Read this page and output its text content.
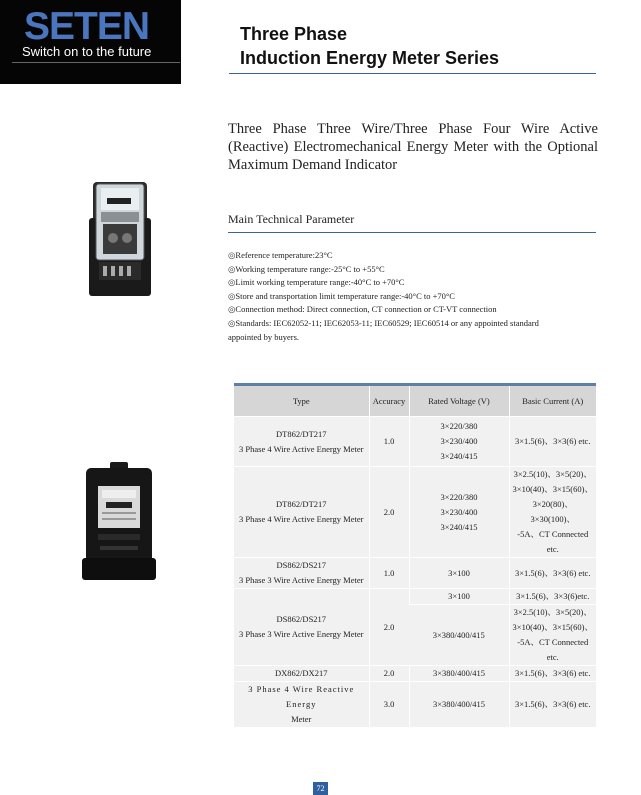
SETEN
Switch on to the future
Three Phase
Induction Energy Meter Series
Three Phase Three Wire/Three Phase Four Wire Active (Reactive) Electromechanical Energy Meter with the Optional Maximum Demand Indicator
Main Technical Parameter
◎Reference temperature:23°C
◎Working temperature range:-25°C to +55°C
◎Limit working temperature range:-40°C to +70°C
◎Store and transportation limit temperature range:-40°C to +70°C
◎Connection method: Direct connection, CT connection or CT-VT connection
◎Standards: IEC62052-11; IEC62053-11; IEC60529; IEC60514 or any appointed standard
appointed by buyers.
Type	Accuracy	Rated Voltage (V)	Basic Current (A)

DT862/DT217
3 Phase 4 Wire Active Energy Meter	1.0	3×220/380
3×230/400
3×240/415	3×1.5(6)、3×3(6) etc.

DT862/DT217
3 Phase 4 Wire Active Energy Meter	2.0	3×220/380
3×230/400
3×240/415	3×2.5(10)、3×5(20)、
3×10(40)、3×15(60)、
3×20(80)、3×30(100)、
-5A、CT Connected etc.

DS862/DS217
3 Phase 3 Wire Active Energy Meter	1.0	3×100	3×1.5(6)、3×3(6) etc.

DS862/DS217
3 Phase 3 Wire Active Energy Meter	2.0	3×100	3×1.5(6)、3×3(6)etc.
		3×380/400/415	3×2.5(10)、3×5(20)、
3×10(40)、3×15(60)、
-5A、CT Connected etc.

DX862/DX217	2.0	3×380/400/415	3×1.5(6)、3×3(6) etc.

3 Phase 4 Wire Reactive Energy
Meter	3.0	3×380/400/415	3×1.5(6)、3×3(6) etc.
72
